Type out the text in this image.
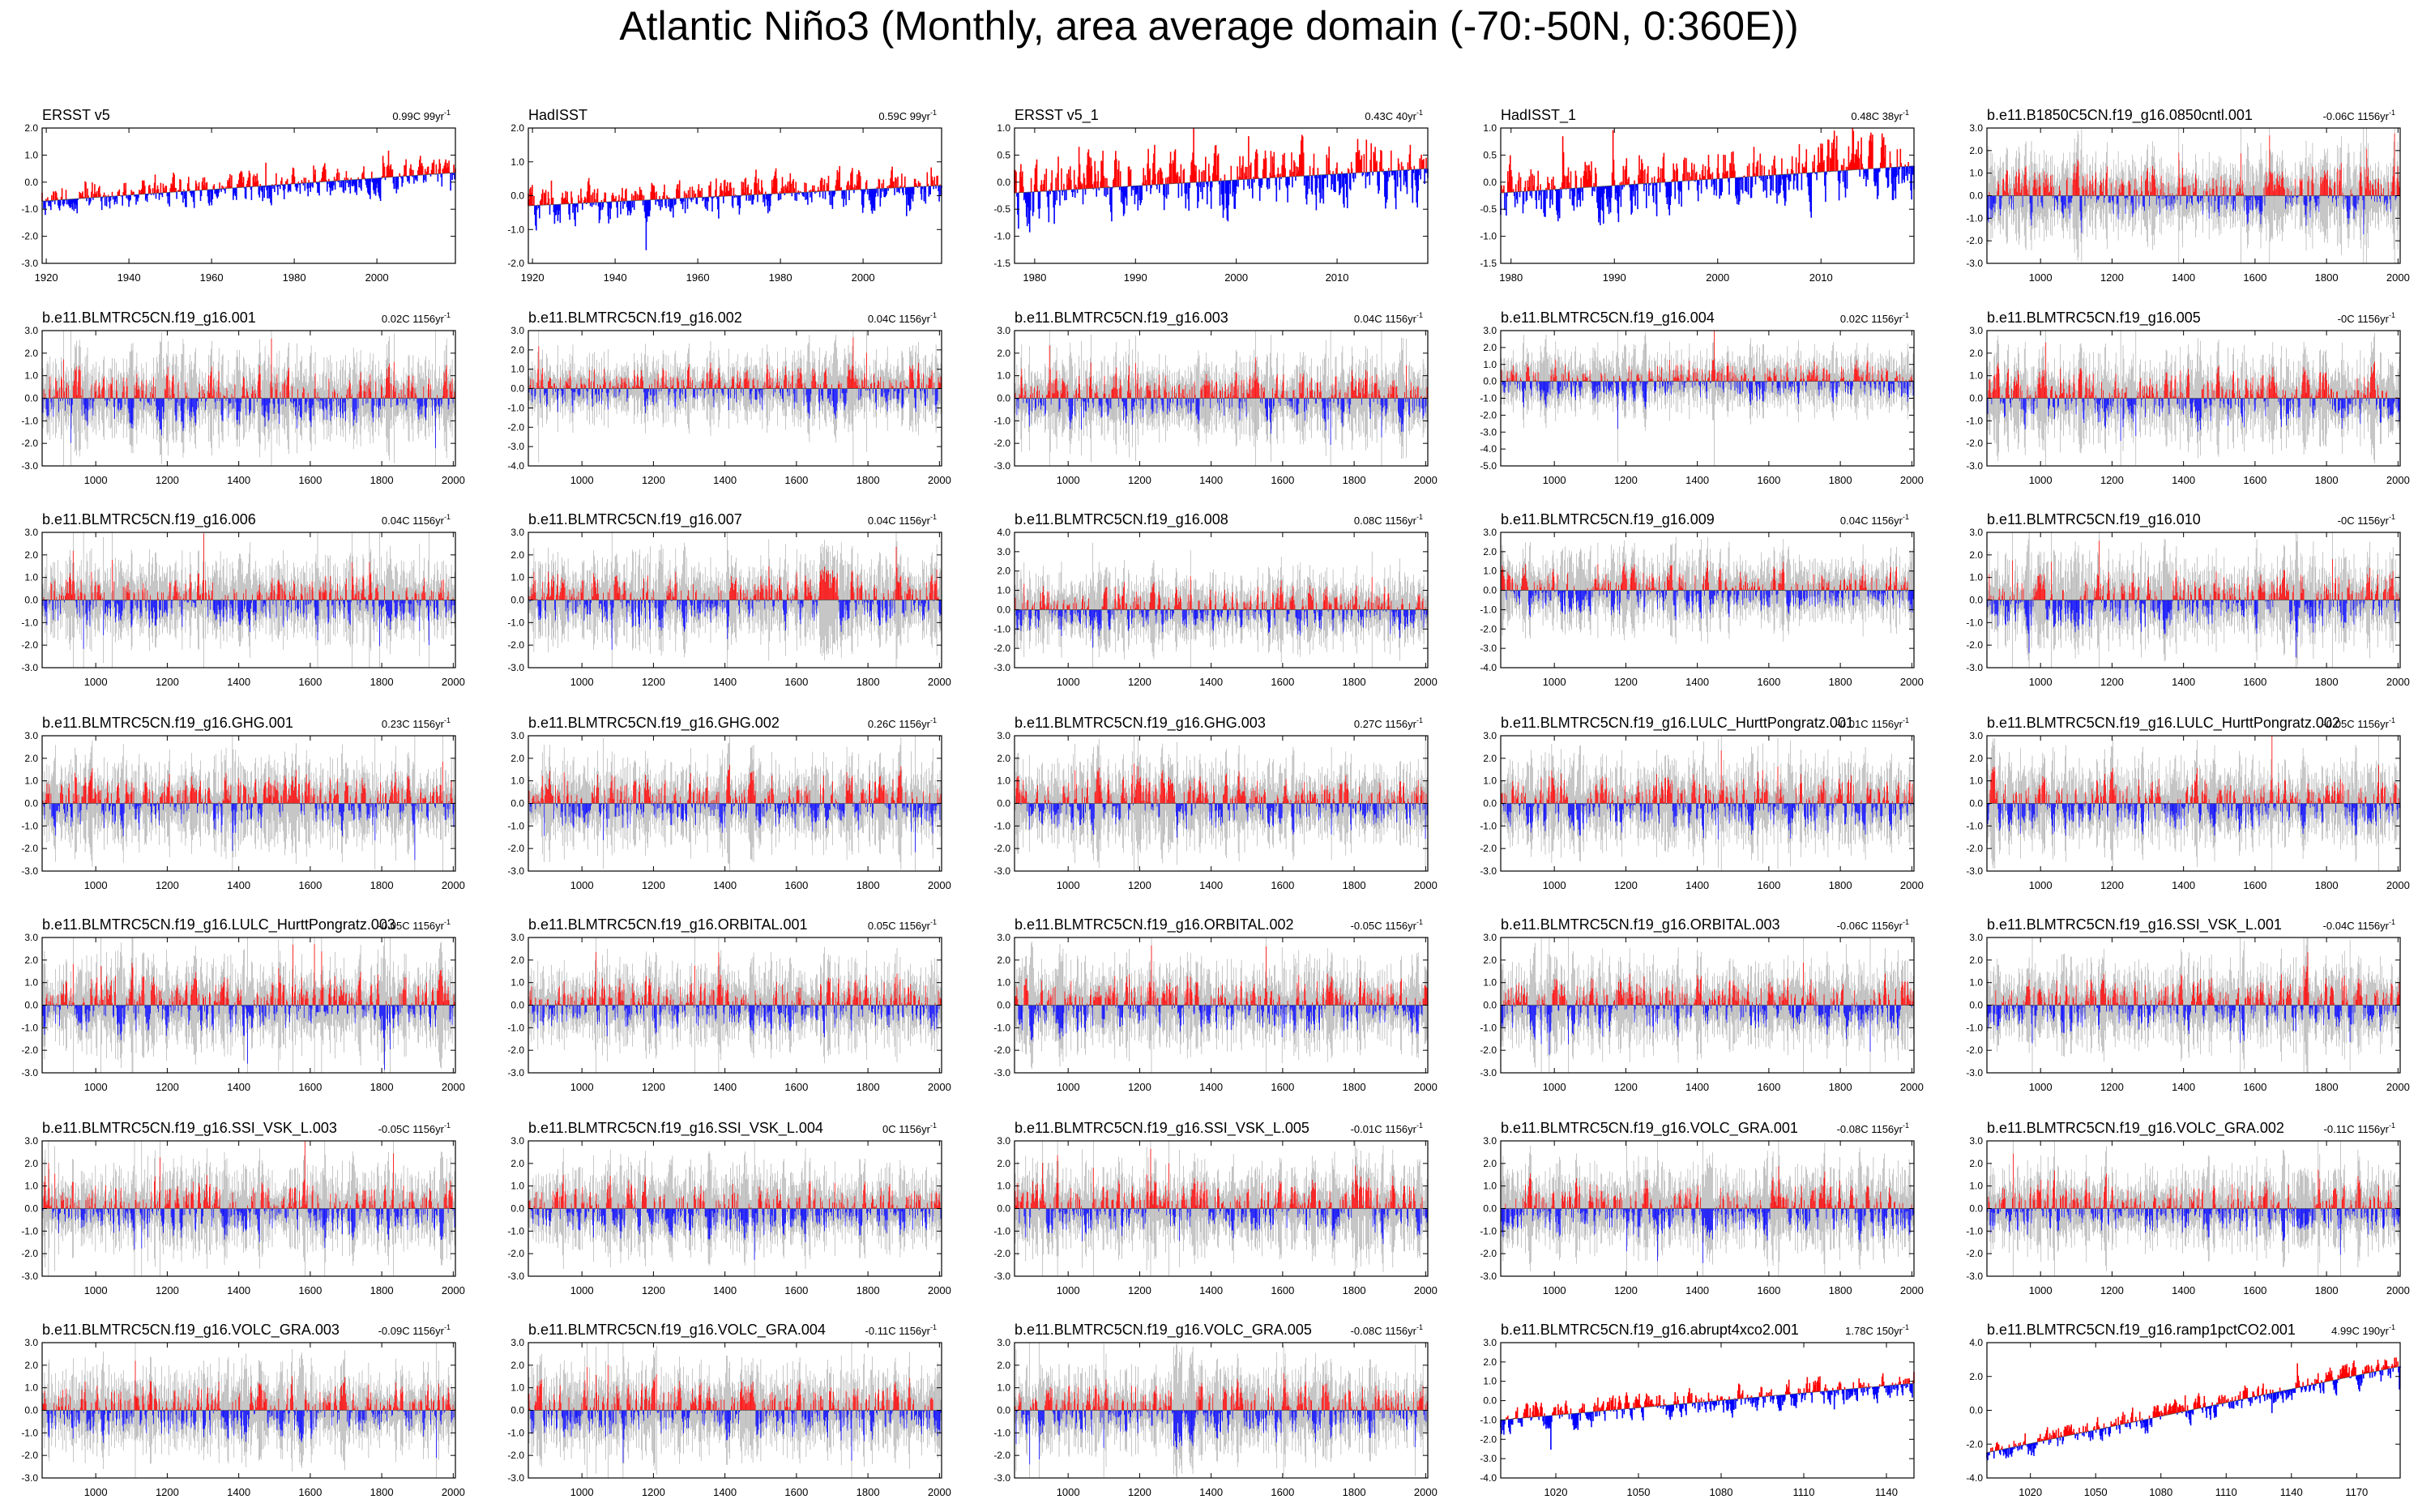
Atlantic Niño3 (Monthly, area average domain (-70:-50N, 0:360E))
ERSST v5	0.99C $99yr^{-1}$
-3.0
-2.0
-1.0
0.0
1.0
2.0
1920	1940	1960	1980	2000
HadISST	0.59C $99yr^{-1}$
-2.0
-1.0
0.0
1.0
2.0
1920	1940	1960	1980	2000
ERSST v5_1	0.43C $40yr^{-1}$
-1.5
-1.0
-0.5
0.0
0.5
1.0
1980	1990	2000	2010
HadISST_1	0.48C $38yr^{-1}$
-1.5
-1.0
-0.5
0.0
0.5
1.0
1980	1990	2000	2010
b.e11.B1850C5CN.f19_g16.0850cntl.001	-0.06C $1156yr^{-1}$
-3.0
-2.0
-1.0
0.0
1.0
2.0
3.0
1000	1200	1400	1600	1800	2000
b.e11.BLMTRC5CN.f19_g16.001	0.02C $1156yr^{-1}$
-3.0
-2.0
-1.0
0.0
1.0
2.0
3.0
1000	1200	1400	1600	1800	2000
b.e11.BLMTRC5CN.f19_g16.002	0.04C $1156yr^{-1}$
-4.0
-3.0
-2.0
-1.0
0.0
1.0
2.0
3.0
1000	1200	1400	1600	1800	2000
b.e11.BLMTRC5CN.f19_g16.003	0.04C $1156yr^{-1}$
-3.0
-2.0
-1.0
0.0
1.0
2.0
3.0
1000	1200	1400	1600	1800	2000
b.e11.BLMTRC5CN.f19_g16.004	0.02C $1156yr^{-1}$
-5.0
-4.0
-3.0
-2.0
-1.0
0.0
1.0
2.0
3.0
1000	1200	1400	1600	1800	2000
b.e11.BLMTRC5CN.f19_g16.005	-0C $1156yr^{-1}$
-3.0
-2.0
-1.0
0.0
1.0
2.0
3.0
1000	1200	1400	1600	1800	2000
b.e11.BLMTRC5CN.f19_g16.006	0.04C $1156yr^{-1}$
-3.0
-2.0
-1.0
0.0
1.0
2.0
3.0
1000	1200	1400	1600	1800	2000
b.e11.BLMTRC5CN.f19_g16.007	0.04C $1156yr^{-1}$
-3.0
-2.0
-1.0
0.0
1.0
2.0
3.0
1000	1200	1400	1600	1800	2000
b.e11.BLMTRC5CN.f19_g16.008	0.08C $1156yr^{-1}$
-3.0
-2.0
-1.0
0.0
1.0
2.0
3.0
4.0
1000	1200	1400	1600	1800	2000
b.e11.BLMTRC5CN.f19_g16.009	0.04C $1156yr^{-1}$
-4.0
-3.0
-2.0
-1.0
0.0
1.0
2.0
3.0
1000	1200	1400	1600	1800	2000
b.e11.BLMTRC5CN.f19_g16.010	-0C $1156yr^{-1}$
-3.0
-2.0
-1.0
0.0
1.0
2.0
3.0
1000	1200	1400	1600	1800	2000
b.e11.BLMTRC5CN.f19_g16.GHG.001	0.23C $1156yr^{-1}$
-3.0
-2.0
-1.0
0.0
1.0
2.0
3.0
1000	1200	1400	1600	1800	2000
b.e11.BLMTRC5CN.f19_g16.GHG.002	0.26C $1156yr^{-1}$
-3.0
-2.0
-1.0
0.0
1.0
2.0
3.0
1000	1200	1400	1600	1800	2000
b.e11.BLMTRC5CN.f19_g16.GHG.003	0.27C $1156yr^{-1}$
-3.0
-2.0
-1.0
0.0
1.0
2.0
3.0
1000	1200	1400	1600	1800	2000
b.e11.BLMTRC5CN.f19_g16.LULC_HurttPongratz.001
-0.01C $1156yr^{-1}$
-3.0
-2.0
-1.0
0.0
1.0
2.0
3.0
1000	1200	1400	1600	1800	2000
b.e11.BLMTRC5CN.f19_g16.LULC_HurttPongratz.002
-0.05C $1156yr^{-1}$
-3.0
-2.0
-1.0
0.0
1.0
2.0
3.0
1000	1200	1400	1600	1800	2000
b.e11.BLMTRC5CN.f19_g16.LULC_HurttPongratz.003
-0.05C $1156yr^{-1}$
-3.0
-2.0
-1.0
0.0
1.0
2.0
3.0
1000	1200	1400	1600	1800	2000
b.e11.BLMTRC5CN.f19_g16.ORBITAL.001	0.05C $1156yr^{-1}$
-3.0
-2.0
-1.0
0.0
1.0
2.0
3.0
1000	1200	1400	1600	1800	2000
b.e11.BLMTRC5CN.f19_g16.ORBITAL.002	-0.05C $1156yr^{-1}$
-3.0
-2.0
-1.0
0.0
1.0
2.0
3.0
1000	1200	1400	1600	1800	2000
b.e11.BLMTRC5CN.f19_g16.ORBITAL.003	-0.06C $1156yr^{-1}$
-3.0
-2.0
-1.0
0.0
1.0
2.0
3.0
1000	1200	1400	1600	1800	2000
b.e11.BLMTRC5CN.f19_g16.SSI_VSK_L.001	-0.04C $1156yr^{-1}$
-3.0
-2.0
-1.0
0.0
1.0
2.0
3.0
1000	1200	1400	1600	1800	2000
b.e11.BLMTRC5CN.f19_g16.SSI_VSK_L.003	-0.05C $1156yr^{-1}$
-3.0
-2.0
-1.0
0.0
1.0
2.0
3.0
1000	1200	1400	1600	1800	2000
b.e11.BLMTRC5CN.f19_g16.SSI_VSK_L.004	0C $1156yr^{-1}$
-3.0
-2.0
-1.0
0.0
1.0
2.0
3.0
1000	1200	1400	1600	1800	2000
b.e11.BLMTRC5CN.f19_g16.SSI_VSK_L.005	-0.01C $1156yr^{-1}$
-3.0
-2.0
-1.0
0.0
1.0
2.0
3.0
1000	1200	1400	1600	1800	2000
b.e11.BLMTRC5CN.f19_g16.VOLC_GRA.001	-0.08C $1156yr^{-1}$
-3.0
-2.0
-1.0
0.0
1.0
2.0
3.0
1000	1200	1400	1600	1800	2000
b.e11.BLMTRC5CN.f19_g16.VOLC_GRA.002	-0.11C $1156yr^{-1}$
-3.0
-2.0
-1.0
0.0
1.0
2.0
3.0
1000	1200	1400	1600	1800	2000
b.e11.BLMTRC5CN.f19_g16.VOLC_GRA.003	-0.09C $1156yr^{-1}$
-3.0
-2.0
-1.0
0.0
1.0
2.0
3.0
1000	1200	1400	1600	1800	2000
b.e11.BLMTRC5CN.f19_g16.VOLC_GRA.004	-0.11C $1156yr^{-1}$
-3.0
-2.0
-1.0
0.0
1.0
2.0
3.0
1000	1200	1400	1600	1800	2000
b.e11.BLMTRC5CN.f19_g16.VOLC_GRA.005	-0.08C $1156yr^{-1}$
-3.0
-2.0
-1.0
0.0
1.0
2.0
3.0
1000	1200	1400	1600	1800	2000
b.e11.BLMTRC5CN.f19_g16.abrupt4xco2.001	1.78C $150yr^{-1}$
-4.0
-3.0
-2.0
-1.0
0.0
1.0
2.0
3.0
1020	1050	1080	1110	1140
b.e11.BLMTRC5CN.f19_g16.ramp1pctCO2.001	4.99C $190yr^{-1}$
-4.0
-2.0
0.0
2.0
4.0
1020	1050	1080	1110	1140	1170
